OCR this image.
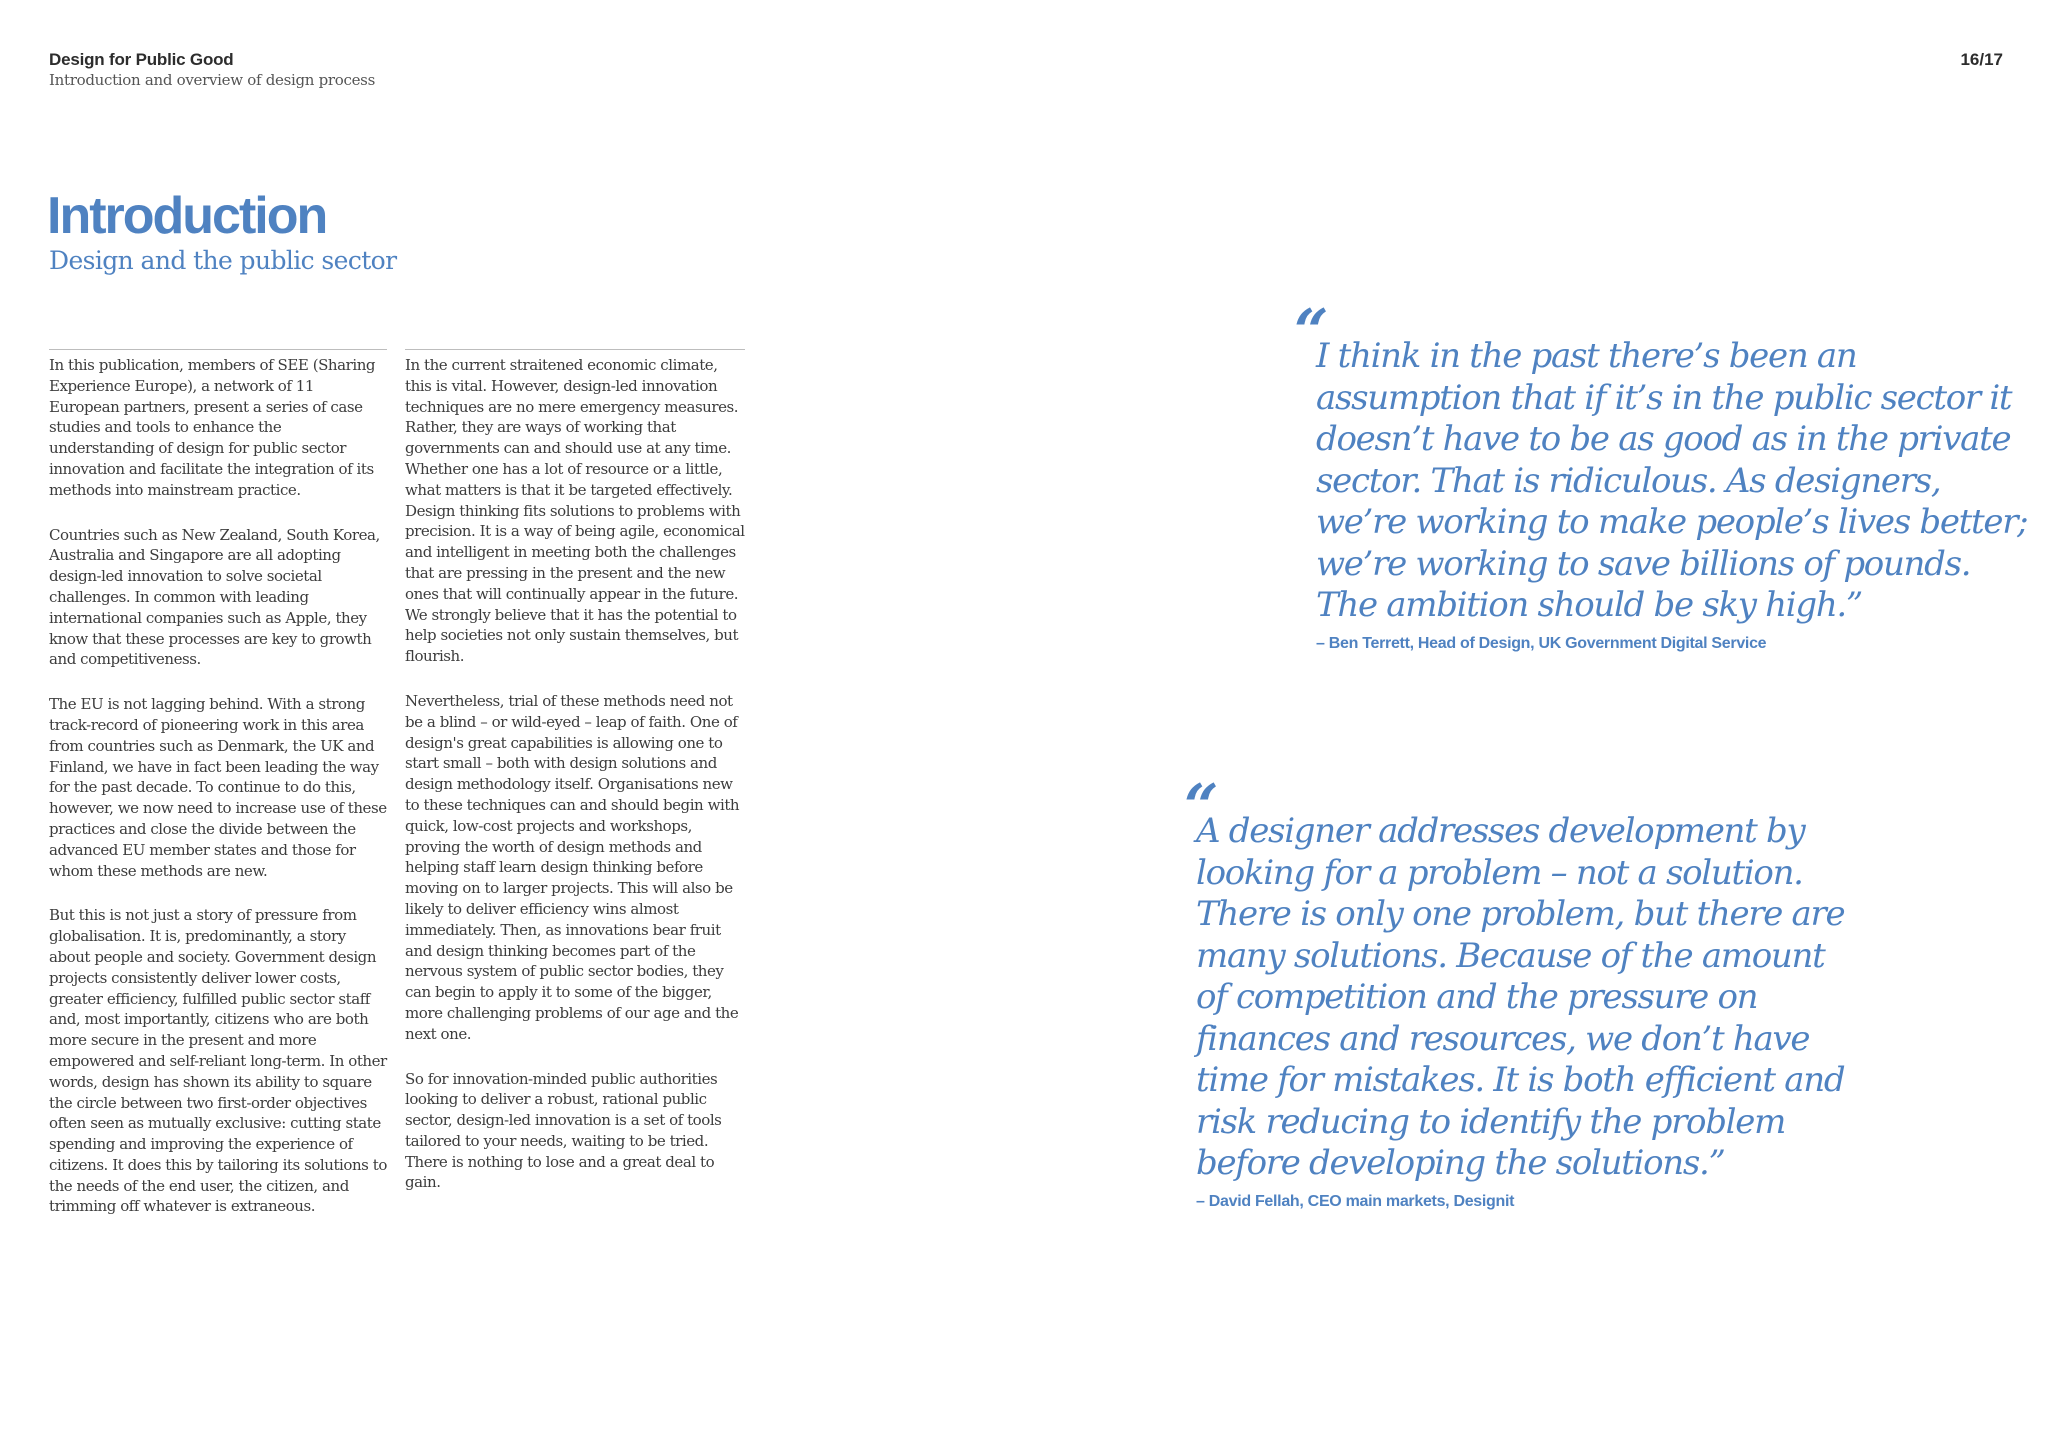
Design for Public Good
Introduction and overview of design process
16/17
Introduction
Design and the public sector

In this publication, members of SEE (Sharing Experience Europe), a network of 11 European partners, present a series of case studies and tools to enhance the understanding of design for public sector innovation and facilitate the integration of its methods into mainstream practice.

Countries such as New Zealand, South Korea, Australia and Singapore are all adopting design-led innovation to solve societal challenges. In common with leading international companies such as Apple, they know that these processes are key to growth and competitiveness.

The EU is not lagging behind. With a strong track-record of pioneering work in this area from countries such as Denmark, the UK and Finland, we have in fact been leading the way for the past decade. To continue to do this, however, we now need to increase use of these practices and close the divide between the advanced EU member states and those for whom these methods are new.

But this is not just a story of pressure from globalisation. It is, predominantly, a story about people and society. Government design projects consistently deliver lower costs, greater efficiency, fulfilled public sector staff and, most importantly, citizens who are both more secure in the present and more empowered and self-reliant long-term. In other words, design has shown its ability to square the circle between two first-order objectives often seen as mutually exclusive: cutting state spending and improving the experience of citizens. It does this by tailoring its solutions to the needs of the end user, the citizen, and trimming off whatever is extraneous.

In the current straitened economic climate, this is vital. However, design-led innovation techniques are no mere emergency measures. Rather, they are ways of working that governments can and should use at any time. Whether one has a lot of resource or a little, what matters is that it be targeted effectively. Design thinking fits solutions to problems with precision. It is a way of being agile, economical and intelligent in meeting both the challenges that are pressing in the present and the new ones that will continually appear in the future. We strongly believe that it has the potential to help societies not only sustain themselves, but flourish.

Nevertheless, trial of these methods need not be a blind – or wild-eyed – leap of faith. One of design's great capabilities is allowing one to start small – both with design solutions and design methodology itself. Organisations new to these techniques can and should begin with quick, low-cost projects and workshops, proving the worth of design methods and helping staff learn design thinking before moving on to larger projects. This will also be likely to deliver efficiency wins almost immediately. Then, as innovations bear fruit and design thinking becomes part of the nervous system of public sector bodies, they can begin to apply it to some of the bigger, more challenging problems of our age and the next one.

So for innovation-minded public authorities looking to deliver a robust, rational public sector, design-led innovation is a set of tools tailored to your needs, waiting to be tried. There is nothing to lose and a great deal to gain.

“
I think in the past there’s been an
assumption that if it’s in the public sector it
doesn’t have to be as good as in the private
sector. That is ridiculous. As designers,
we’re working to make people’s lives better;
we’re working to save billions of pounds.
The ambition should be sky high.”
– Ben Terrett, Head of Design, UK Government Digital Service
“
A designer addresses development by
looking for a problem – not a solution.
There is only one problem, but there are
many solutions. Because of the amount
of competition and the pressure on
finances and resources, we don’t have
time for mistakes. It is both efficient and
risk reducing to identify the problem
before developing the solutions.”
– David Fellah, CEO main markets, Designit
